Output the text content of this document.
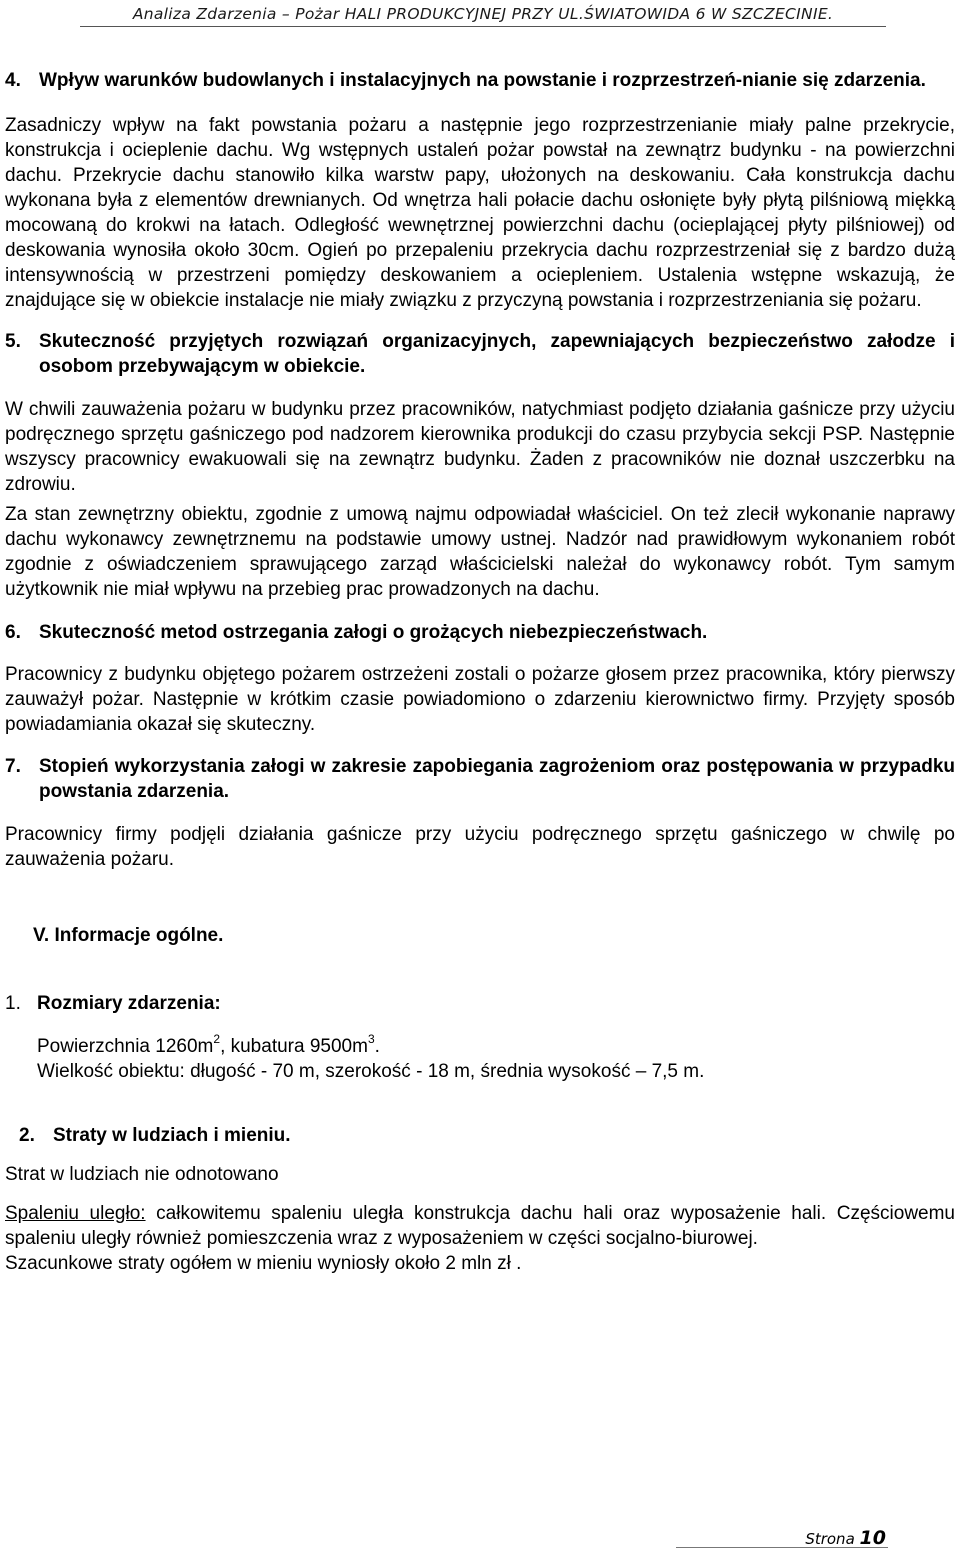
Analiza Zdarzenia – Pożar HALI PRODUKCYJNEJ PRZY UL.ŚWIATOWIDA 6 W SZCZECINIE.
4. Wpływ warunków budowlanych i instalacyjnych na powstanie i rozprzestrzeń-nianie się zdarzenia.

Zasadniczy wpływ na fakt powstania pożaru a następnie jego rozprzestrzenianie miały palne przekrycie, konstrukcja i ocieplenie dachu. Wg wstępnych ustaleń pożar powstał na zewnątrz budynku - na powierzchni dachu. Przekrycie dachu stanowiło kilka warstw papy, ułożonych na deskowaniu. Cała konstrukcja dachu wykonana była z elementów drewnianych. Od wnętrza hali połacie dachu osłonięte były płytą pilśniową miękką mocowaną do krokwi na łatach. Odległość wewnętrznej powierzchni dachu (ocieplającej płyty pilśniowej) od deskowania wynosiła około 30cm. Ogień po przepaleniu przekrycia dachu rozprzestrzeniał się z bardzo dużą intensywnością w przestrzeni pomiędzy deskowaniem a ociepleniem. Ustalenia wstępne wskazują, że znajdujące się w obiekcie instalacje nie miały związku z przyczyną powstania i rozprzestrzeniania się pożaru.

5. Skuteczność przyjętych rozwiązań organizacyjnych, zapewniających bezpieczeństwo załodze i osobom przebywającym w obiekcie.

W chwili zauważenia pożaru w budynku przez pracowników, natychmiast podjęto działania gaśnicze przy użyciu podręcznego sprzętu gaśniczego pod nadzorem kierownika produkcji do czasu przybycia sekcji PSP. Następnie wszyscy pracownicy ewakuowali się na zewnątrz budynku. Żaden z pracowników nie doznał uszczerbku na zdrowiu.

Za stan zewnętrzny obiektu, zgodnie z umową najmu odpowiadał właściciel. On też zlecił wykonanie naprawy dachu wykonawcy zewnętrznemu na podstawie umowy ustnej. Nadzór nad prawidłowym wykonaniem robót zgodnie z oświadczeniem sprawującego zarząd właścicielski należał do wykonawcy robót. Tym samym użytkownik nie miał wpływu na przebieg prac prowadzonych na dachu.

6. Skuteczność metod ostrzegania załogi o grożących niebezpieczeństwach.

Pracownicy z budynku objętego pożarem ostrzeżeni zostali o pożarze głosem przez pracownika, który pierwszy zauważył pożar. Następnie w krótkim czasie powiadomiono o zdarzeniu kierownictwo firmy. Przyjęty sposób powiadamiania okazał się skuteczny.

7. Stopień wykorzystania załogi w zakresie zapobiegania zagrożeniom oraz postępowania w przypadku powstania zdarzenia.

Pracownicy firmy podjęli działania gaśnicze przy użyciu podręcznego sprzętu gaśniczego w chwilę po zauważenia pożaru.

V. Informacje ogólne.
1. Rozmiary zdarzenia:

Powierzchnia $1260m^2$, kubatura $9500m^3$.

Wielkość obiektu: długość - 70 m, szerokość - 18 m, średnia wysokość – 7,5 m.

2. Straty w ludziach i mieniu.

Strat w ludziach nie odnotowano

Spaleniu uległo: całkowitemu spaleniu uległa konstrukcja dachu hali oraz wyposażenie hali. Częściowemu spaleniu uległy również pomieszczenia wraz z wyposażeniem w części socjalno-biurowej.

Szacunkowe straty ogółem w mieniu wyniosły około 2 mln zł .

Strona 10
